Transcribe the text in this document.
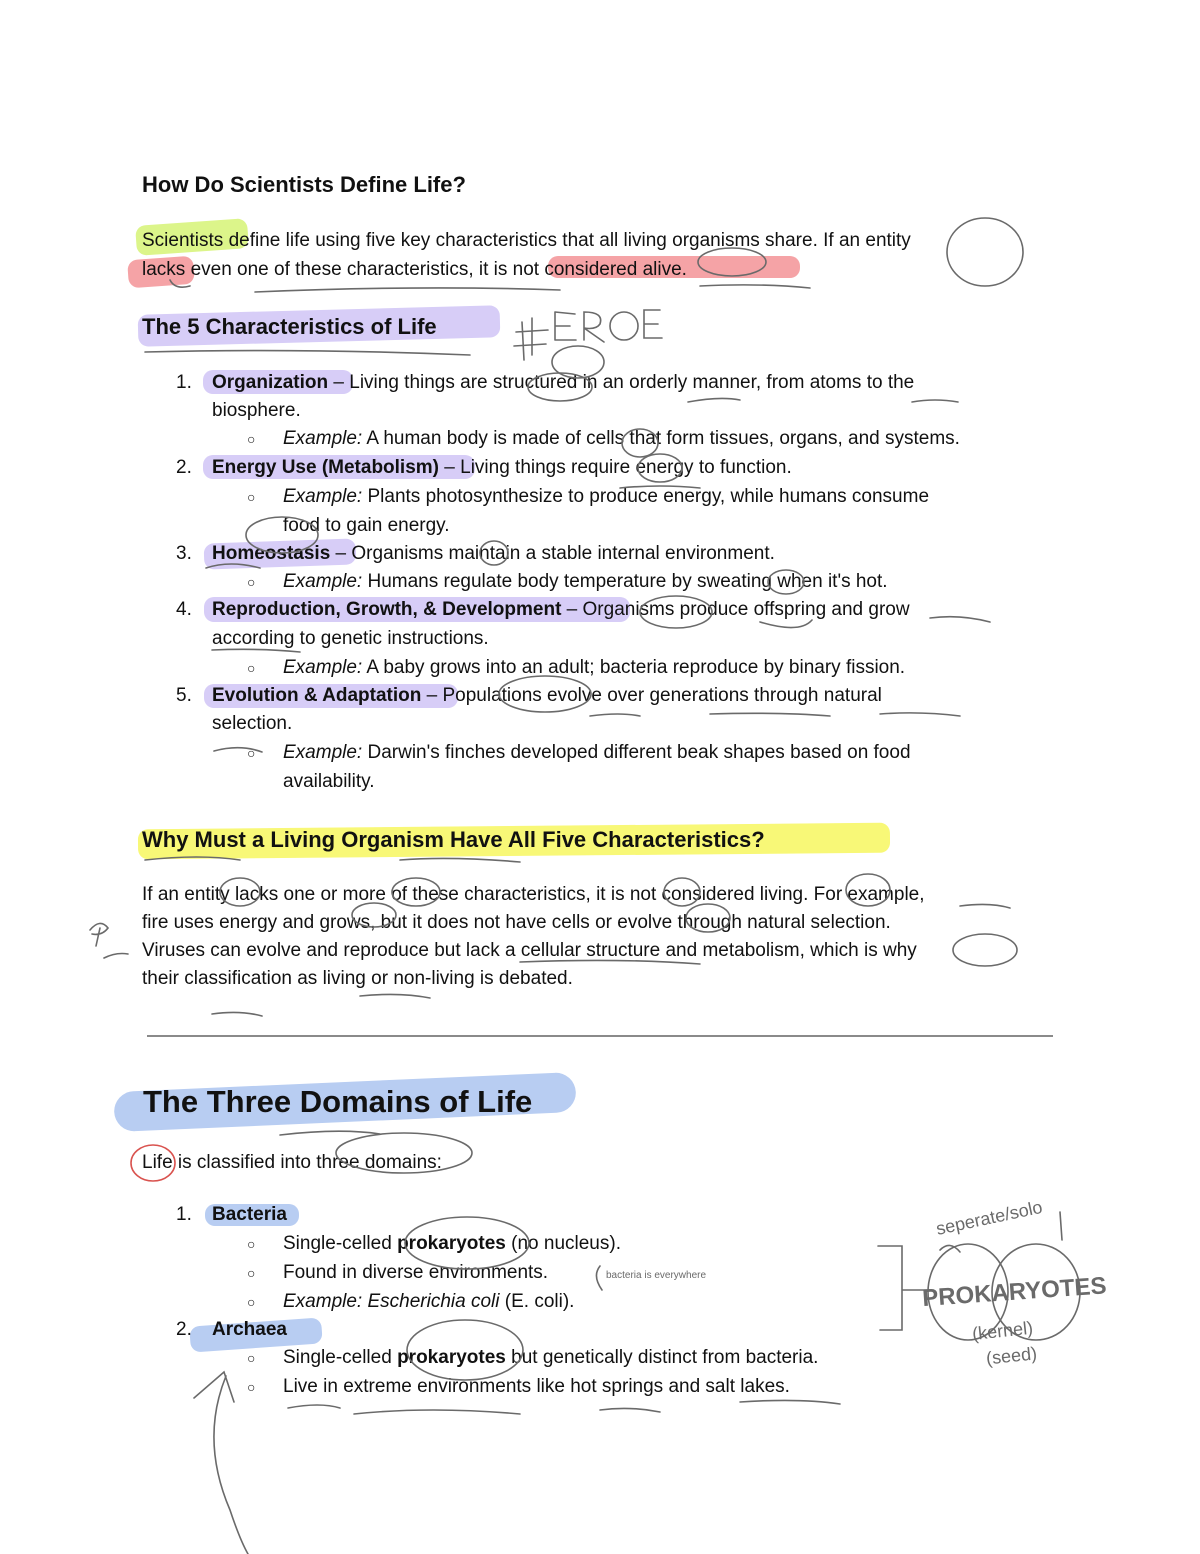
How Do Scientists Define Life?
Scientists define life using five key characteristics that all living organisms share. If an entity
lacks even one of these characteristics, it is not considered alive.
The 5 Characteristics of Life
1. Organization – Living things are structured in an orderly manner, from atoms to the
biosphere.
○ Example: A human body is made of cells that form tissues, organs, and systems.
2. Energy Use (Metabolism) – Living things require energy to function.
○ Example: Plants photosynthesize to produce energy, while humans consume
food to gain energy.
3. Homeostasis – Organisms maintain a stable internal environment.
○ Example: Humans regulate body temperature by sweating when it's hot.
4. Reproduction, Growth, & Development – Organisms produce offspring and grow
according to genetic instructions.
○ Example: A baby grows into an adult; bacteria reproduce by binary fission.
5. Evolution & Adaptation – Populations evolve over generations through natural
selection.
○ Example: Darwin's finches developed different beak shapes based on food
availability.
Why Must a Living Organism Have All Five Characteristics?
If an entity lacks one or more of these characteristics, it is not considered living. For example,
fire uses energy and grows, but it does not have cells or evolve through natural selection.
Viruses can evolve and reproduce but lack a cellular structure and metabolism, which is why
their classification as living or non-living is debated.
The Three Domains of Life
Life is classified into three domains:
1. Bacteria
○ Single-celled prokaryotes (no nucleus).
○ Found in diverse environments.
○ Example: Escherichia coli (E. coli).
2. Archaea
○ Single-celled prokaryotes but genetically distinct from bacteria.
○ Live in extreme environments like hot springs and salt lakes.
seperate/solo
PROKARYOTES
(kernel)
(seed)
bacteria is everywhere
